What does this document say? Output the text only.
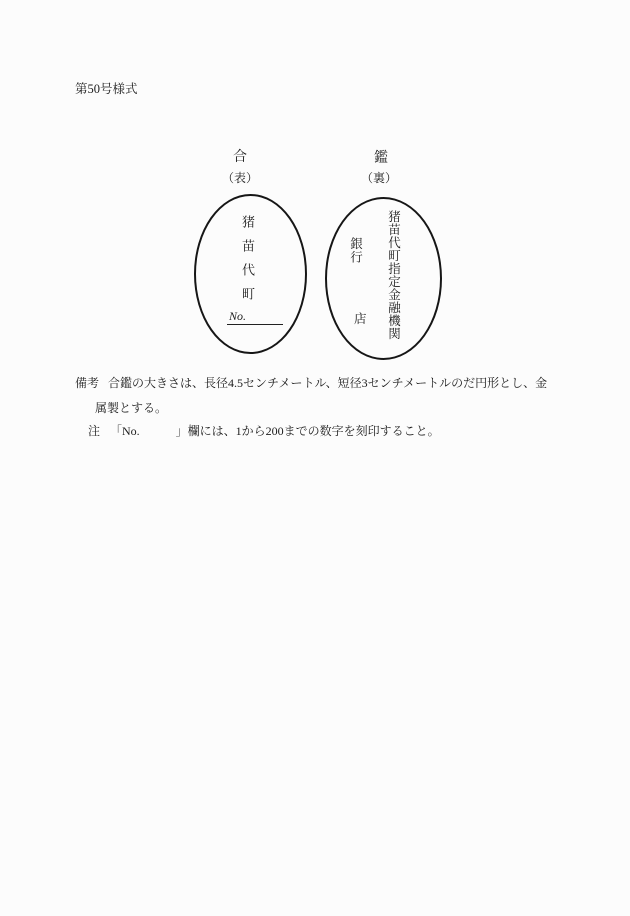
第50号様式
合	鑑
（表）	（裏）
猪苗代町
No.	猪苗代町指定金融機関
銀行
店
備考 合鑑の大きさは、長径4.5センチメートル、短径3センチメートルのだ円形とし、金
属製とする。
注 「No.　　　」欄には、1から200までの数字を刻印すること。
